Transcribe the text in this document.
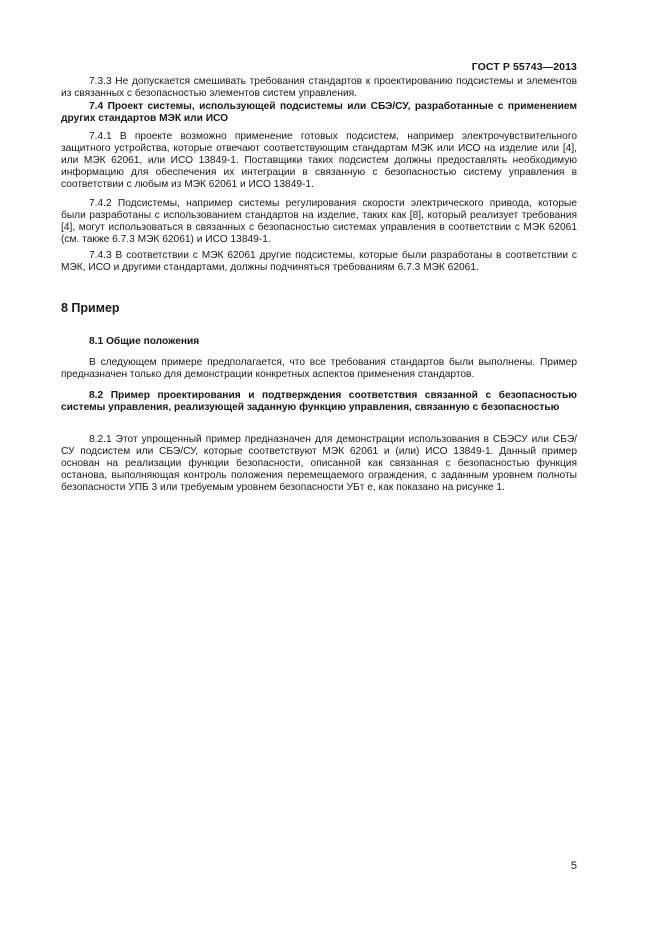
ГОСТ Р 55743—2013
7.3.3 Не допускается смешивать требования стандартов к проектированию подсистемы и элементов из связанных с безопасностью элементов систем управления.
7.4 Проект системы, использующей подсистемы или СБЭ/СУ, разработанные с применением других стандартов МЭК или ИСО
7.4.1 В проекте возможно применение готовых подсистем, например электрочувствительного защитного устройства, которые отвечают соответствующим стандартам МЭК или ИСО на изделие или [4], или МЭК 62061, или ИСО 13849-1. Поставщики таких подсистем должны предоставлять необходимую информацию для обеспечения их интеграции в связанную с безопасностью систему управления в соответствии с любым из МЭК 62061 и ИСО 13849-1.
7.4.2 Подсистемы, например системы регулирования скорости электрического привода, которые были разработаны с использованием стандартов на изделие, таких как [8], который реализует требования [4], могут использоваться в связанных с безопасностью системах управления в соответствии с МЭК 62061 (см. также 6.7.3 МЭК 62061) и ИСО 13849-1.
7.4.3 В соответствии с МЭК 62061 другие подсистемы, которые были разработаны в соответствии с МЭК, ИСО и другими стандартами, должны подчиняться требованиям 6.7.3 МЭК 62061.
8 Пример
8.1 Общие положения
В следующем примере предполагается, что все требования стандартов были выполнены. Пример предназначен только для демонстрации конкретных аспектов применения стандартов.
8.2 Пример проектирования и подтверждения соответствия связанной с безопасностью системы управления, реализующей заданную функцию управления, связанную с безопасностью
8.2.1 Этот упрощенный пример предназначен для демонстрации использования в СБЭСУ или СБЭ/СУ подсистем или СБЭ/СУ, которые соответствуют МЭК 62061 и (или) ИСО 13849-1. Данный пример основан на реализации функции безопасности, описанной как связанная с безопасностью функция останова, выполняющая контроль положения перемещаемого ограждения, с заданным уровнем полноты безопасности УПБ 3 или требуемым уровнем безопасности УБт е, как показано на рисунке 1.
5
